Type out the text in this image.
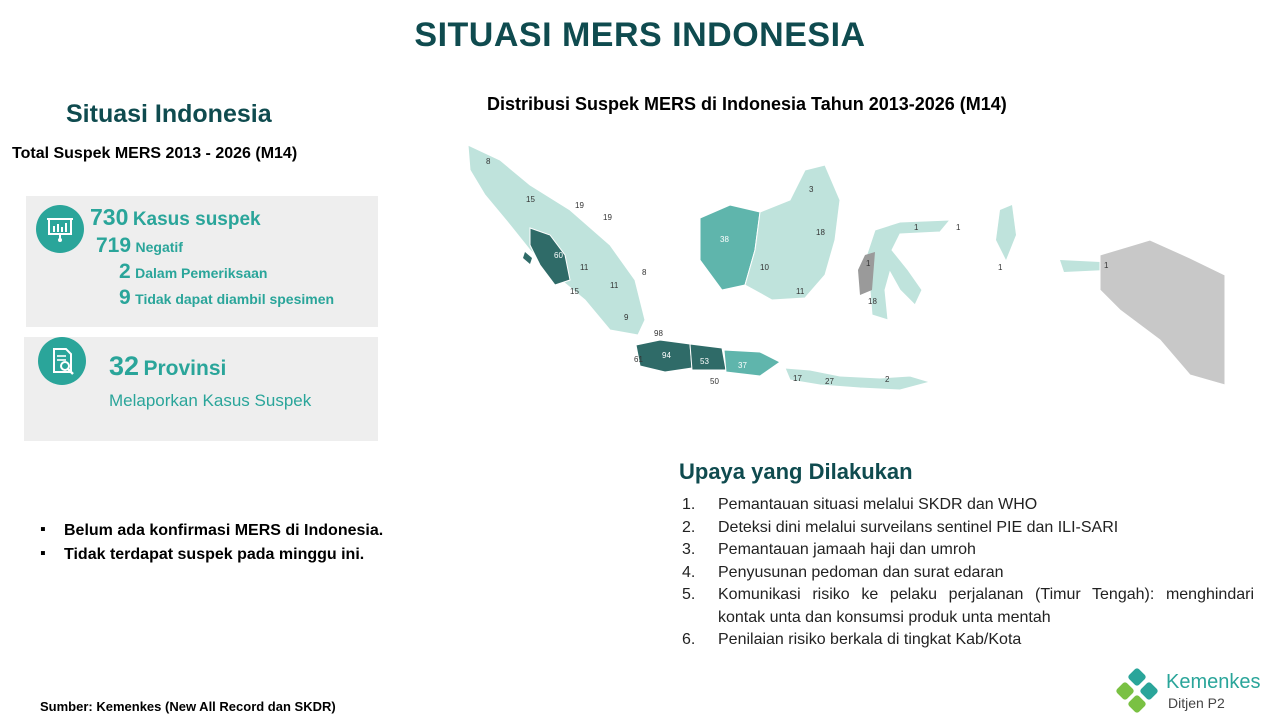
SITUASI MERS INDONESIA
Situasi Indonesia
Total Suspek MERS 2013 - 2026 (M14)
730 Kasus suspek
719 Negatif
2 Dalam Pemeriksaan
9 Tidak dapat diambil spesimen
32 Provinsi
Melaporkan Kasus Suspek
▪ Belum ada konfirmasi MERS di Indonesia.
▪ Tidak terdapat suspek pada minggu ini.
Distribusi Suspek MERS di Indonesia Tahun 2013-2026 (M14)
8
15
19
19
60
11
8
15
11
9
38
3
18
10
11
1	1
1
1
18
1
98
61 94
53	37
50	17	27	2
Upaya yang Dilakukan
1. Pemantauan situasi melalui SKDR dan WHO
2. Deteksi dini melalui surveilans sentinel PIE dan ILI-SARI
3. Pemantauan jamaah haji dan umroh
4. Penyusunan pedoman dan surat edaran
5. Komunikasi risiko ke pelaku perjalanan (Timur Tengah): menghindari kontak unta dan konsumsi produk unta mentah
6. Penilaian risiko berkala di tingkat Kab/Kota
Sumber: Kemenkes (New All Record dan SKDR)
Kemenkes
Ditjen P2
